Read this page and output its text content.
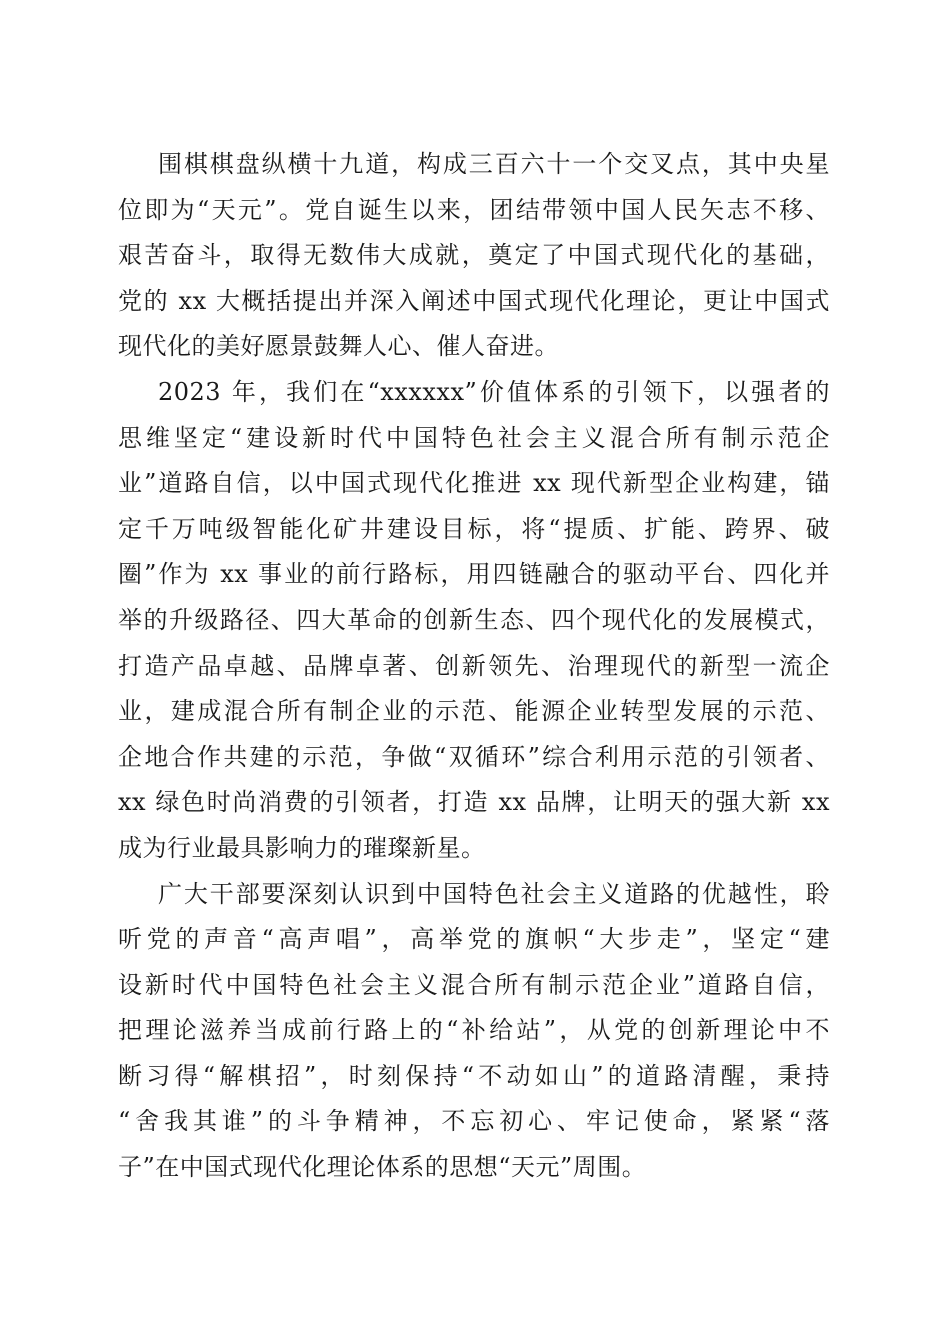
围棋棋盘纵横十九道，构成三百六十一个交叉点，其中央星
位即为“天元”。党自诞生以来，团结带领中国人民矢志不移、
艰苦奋斗，取得无数伟大成就，奠定了中国式现代化的基础，
党的 xx 大概括提出并深入阐述中国式现代化理论，更让中国式
现代化的美好愿景鼓舞人心、催人奋进。
2023 年，我们在“xxxxxx”价值体系的引领下，以强者的
思维坚定“建设新时代中国特色社会主义混合所有制示范企
业”道路自信，以中国式现代化推进 xx 现代新型企业构建，锚
定千万吨级智能化矿井建设目标，将“提质、扩能、跨界、破
圈”作为 xx 事业的前行路标，用四链融合的驱动平台、四化并
举的升级路径、四大革命的创新生态、四个现代化的发展模式，
打造产品卓越、品牌卓著、创新领先、治理现代的新型一流企
业，建成混合所有制企业的示范、能源企业转型发展的示范、
企地合作共建的示范，争做“双循环”综合利用示范的引领者、
xx 绿色时尚消费的引领者，打造 xx 品牌，让明天的强大新 xx
成为行业最具影响力的璀璨新星。
广大干部要深刻认识到中国特色社会主义道路的优越性，聆
听党的声音“高声唱”，高举党的旗帜“大步走”，坚定“建
设新时代中国特色社会主义混合所有制示范企业”道路自信，
把理论滋养当成前行路上的“补给站”，从党的创新理论中不
断习得“解棋招”，时刻保持“不动如山”的道路清醒，秉持
“舍我其谁”的斗争精神，不忘初心、牢记使命，紧紧“落
子”在中国式现代化理论体系的思想“天元”周围。
